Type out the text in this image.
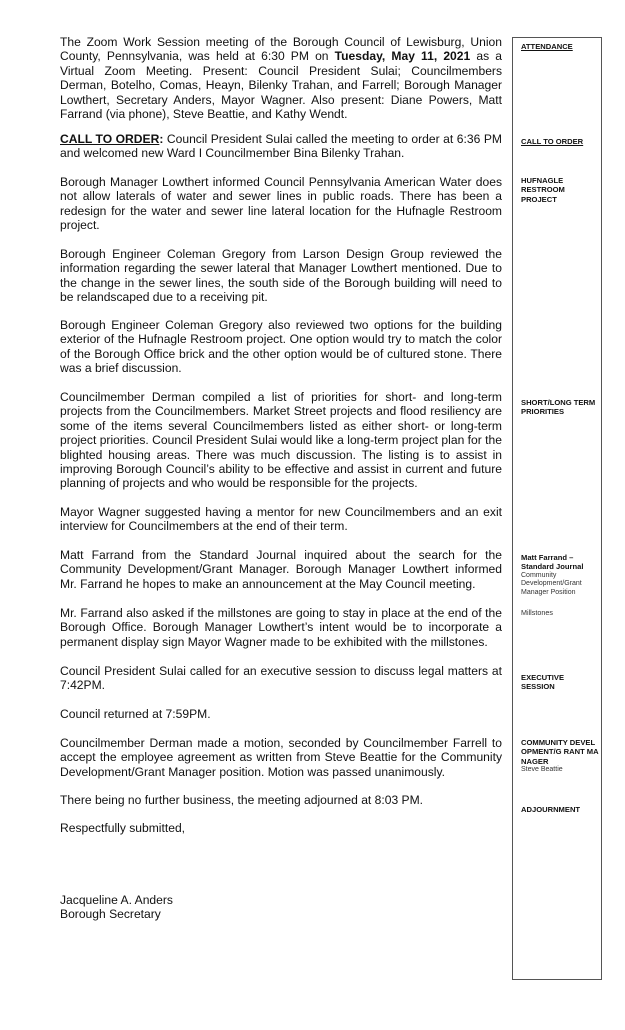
The Zoom Work Session meeting of the Borough Council of Lewisburg, Union County, Pennsylvania, was held at 6:30 PM on Tuesday, May 11, 2021 as a Virtual Zoom Meeting. Present: Council President Sulai; Councilmembers Derman, Botelho, Comas, Heayn, Bilenky Trahan, and Farrell; Borough Manager Lowthert, Secretary Anders, Mayor Wagner. Also present: Diane Powers, Matt Farrand (via phone), Steve Beattie, and Kathy Wendt.

CALL TO ORDER: Council President Sulai called the meeting to order at 6:36 PM and welcomed new Ward I Councilmember Bina Bilenky Trahan.

Borough Manager Lowthert informed Council Pennsylvania American Water does not allow laterals of water and sewer lines in public roads. There has been a redesign for the water and sewer line lateral location for the Hufnagle Restroom project.

Borough Engineer Coleman Gregory from Larson Design Group reviewed the information regarding the sewer lateral that Manager Lowthert mentioned. Due to the change in the sewer lines, the south side of the Borough building will need to be relandscaped due to a receiving pit.

Borough Engineer Coleman Gregory also reviewed two options for the building exterior of the Hufnagle Restroom project. One option would try to match the color of the Borough Office brick and the other option would be of cultured stone. There was a brief discussion.

Councilmember Derman compiled a list of priorities for short- and long-term projects from the Councilmembers. Market Street projects and flood resiliency are some of the items several Councilmembers listed as either short- or long-term project priorities. Council President Sulai would like a long-term project plan for the blighted housing areas. There was much discussion. The listing is to assist in improving Borough Council’s ability to be effective and assist in current and future planning of projects and who would be responsible for the projects.

Mayor Wagner suggested having a mentor for new Councilmembers and an exit interview for Councilmembers at the end of their term.

Matt Farrand from the Standard Journal inquired about the search for the Community Development/Grant Manager. Borough Manager Lowthert informed Mr. Farrand he hopes to make an announcement at the May Council meeting.

Mr. Farrand also asked if the millstones are going to stay in place at the end of the Borough Office. Borough Manager Lowthert’s intent would be to incorporate a permanent display sign Mayor Wagner made to be exhibited with the millstones.

Council President Sulai called for an executive session to discuss legal matters at 7:42PM.

Council returned at 7:59PM.

Councilmember Derman made a motion, seconded by Councilmember Farrell to accept the employee agreement as written from Steve Beattie for the Community Development/Grant Manager position. Motion was passed unanimously.

There being no further business, the meeting adjourned at 8:03 PM.

Respectfully submitted,

Jacqueline A. Anders
Borough Secretary

ATTENDANCE

CALL TO ORDER

HUFNAGLE RESTROOM PROJECT

SHORT/LONG TERM PRIORITIES

Matt Farrand – Standard Journal
Community Development/Grant Manager Position

Millstones

EXECUTIVE SESSION

COMMUNITY DEVELOPMENT/G RANT MANAGER
Steve Beattie

ADJOURNMENT
